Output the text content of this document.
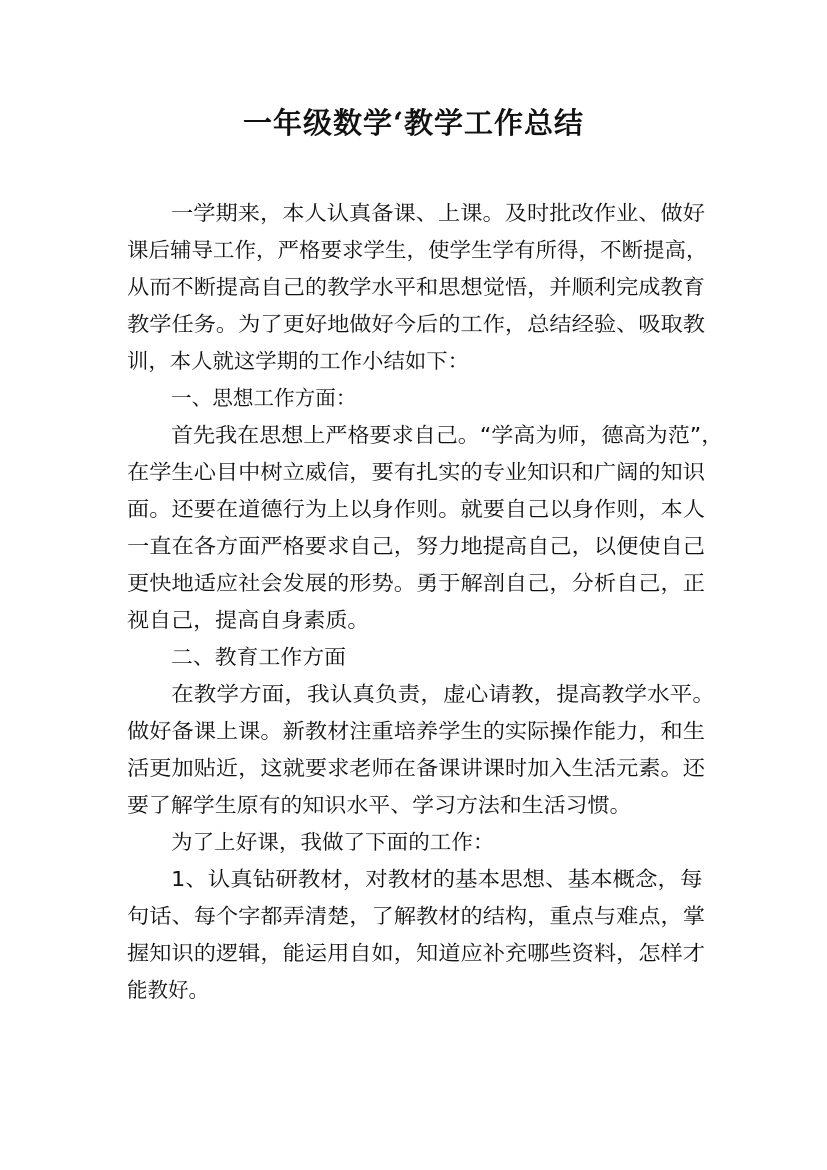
一年级数学‘教学工作总结
一学期来，本人认真备课、上课。及时批改作业、做好
课后辅导工作，严格要求学生，使学生学有所得，不断提高，
从而不断提高自己的教学水平和思想觉悟，并顺利完成教育
教学任务。为了更好地做好今后的工作，总结经验、吸取教
训，本人就这学期的工作小结如下：
一、思想工作方面：
首先我在思想上严格要求自己。“学高为师，德高为范”，
在学生心目中树立威信，要有扎实的专业知识和广阔的知识
面。还要在道德行为上以身作则。就要自己以身作则，本人
一直在各方面严格要求自己，努力地提高自己，以便使自己
更快地适应社会发展的形势。勇于解剖自己，分析自己，正
视自己，提高自身素质。
二、教育工作方面
在教学方面，我认真负责，虚心请教，提高教学水平。
做好备课上课。新教材注重培养学生的实际操作能力，和生
活更加贴近，这就要求老师在备课讲课时加入生活元素。还
要了解学生原有的知识水平、学习方法和生活习惯。
为了上好课，我做了下面的工作：
1、认真钻研教材，对教材的基本思想、基本概念，每
句话、每个字都弄清楚，了解教材的结构，重点与难点，掌
握知识的逻辑，能运用自如，知道应补充哪些资料，怎样才
能教好。
